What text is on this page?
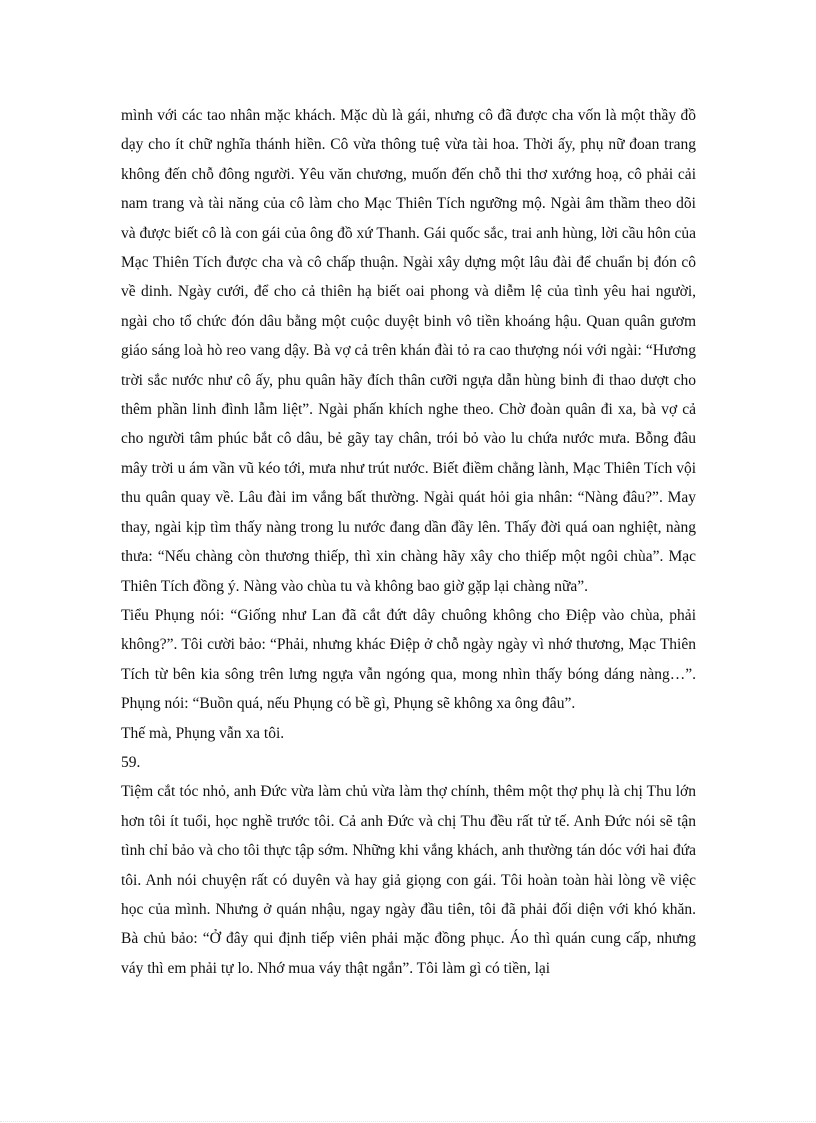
mình với các tao nhân mặc khách. Mặc dù là gái, nhưng cô đã được cha vốn là một thầy đồ dạy cho ít chữ nghĩa thánh hiền. Cô vừa thông tuệ vừa tài hoa. Thời ấy, phụ nữ đoan trang không đến chỗ đông người. Yêu văn chương, muốn đến chỗ thi thơ xướng hoạ, cô phải cải nam trang và tài năng của cô làm cho Mạc Thiên Tích ngưỡng mộ. Ngài âm thầm theo dõi và được biết cô là con gái của ông đồ xứ Thanh. Gái quốc sắc, trai anh hùng, lời cầu hôn của Mạc Thiên Tích được cha và cô chấp thuận. Ngài xây dựng một lâu đài để chuẩn bị đón cô về dinh. Ngày cưới, để cho cả thiên hạ biết oai phong và diễm lệ của tình yêu hai người, ngài cho tổ chức đón dâu bằng một cuộc duyệt binh vô tiền khoáng hậu. Quan quân gươm giáo sáng loà hò reo vang dậy. Bà vợ cả trên khán đài tỏ ra cao thượng nói với ngài: “Hương trời sắc nước như cô ấy, phu quân hãy đích thân cưỡi ngựa dẫn hùng binh đi thao dượt cho thêm phần linh đình lẫm liệt”. Ngài phấn khích nghe theo. Chờ đoàn quân đi xa, bà vợ cả cho người tâm phúc bắt cô dâu, bẻ gãy tay chân, trói bỏ vào lu chứa nước mưa. Bỗng đâu mây trời u ám vần vũ kéo tới, mưa như trút nước. Biết điềm chẳng lành, Mạc Thiên Tích vội thu quân quay về. Lâu đài im vắng bất thường. Ngài quát hỏi gia nhân: “Nàng đâu?”. May thay, ngài kịp tìm thấy nàng trong lu nước đang dần đầy lên. Thấy đời quá oan nghiệt, nàng thưa: “Nếu chàng còn thương thiếp, thì xin chàng hãy xây cho thiếp một ngôi chùa”. Mạc Thiên Tích đồng ý. Nàng vào chùa tu và không bao giờ gặp lại chàng nữa”.

Tiểu Phụng nói: “Giống như Lan đã cắt đứt dây chuông không cho Điệp vào chùa, phải không?”. Tôi cười bảo: “Phải, nhưng khác Điệp ở chỗ ngày ngày vì nhớ thương, Mạc Thiên Tích từ bên kia sông trên lưng ngựa vẫn ngóng qua, mong nhìn thấy bóng dáng nàng…”. Phụng nói: “Buồn quá, nếu Phụng có bề gì, Phụng sẽ không xa ông đâu”.

Thế mà, Phụng vẫn xa tôi.

59.

Tiệm cắt tóc nhỏ, anh Đức vừa làm chủ vừa làm thợ chính, thêm một thợ phụ là chị Thu lớn hơn tôi ít tuổi, học nghề trước tôi. Cả anh Đức và chị Thu đều rất tử tế. Anh Đức nói sẽ tận tình chỉ bảo và cho tôi thực tập sớm. Những khi vắng khách, anh thường tán dóc với hai đứa tôi. Anh nói chuyện rất có duyên và hay giả giọng con gái. Tôi hoàn toàn hài lòng về việc học của mình. Nhưng ở quán nhậu, ngay ngày đầu tiên, tôi đã phải đối diện với khó khăn. Bà chủ bảo: “Ở đây qui định tiếp viên phải mặc đồng phục. Áo thì quán cung cấp, nhưng váy thì em phải tự lo. Nhớ mua váy thật ngắn”. Tôi làm gì có tiền, lại
